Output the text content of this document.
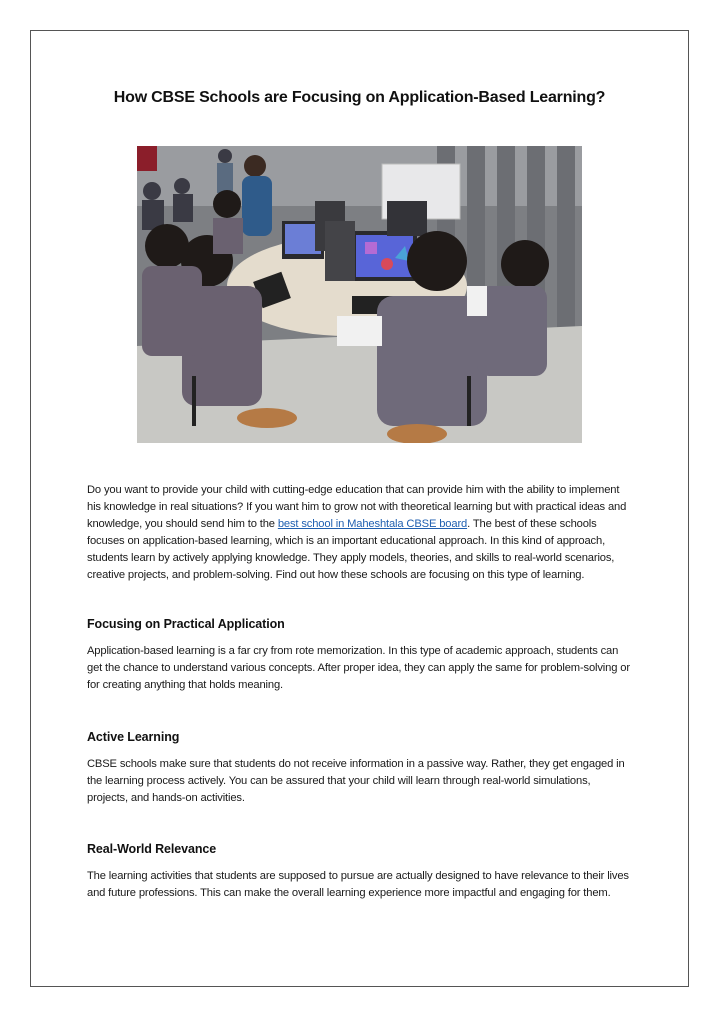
How CBSE Schools are Focusing on Application-Based Learning?

Do you want to provide your child with cutting-edge education that can provide him with the ability to implement his knowledge in real situations? If you want him to grow not with theoretical learning but with practical ideas and knowledge, you should send him to the best school in Maheshtala CBSE board. The best of these schools focuses on application-based learning, which is an important educational approach. In this kind of approach, students learn by actively applying knowledge. They apply models, theories, and skills to real-world scenarios, creative projects, and problem-solving. Find out how these schools are focusing on this type of learning.

Focusing on Practical Application

Application-based learning is a far cry from rote memorization. In this type of academic approach, students can get the chance to understand various concepts. After proper idea, they can apply the same for problem-solving or for creating anything that holds meaning.

Active Learning

CBSE schools make sure that students do not receive information in a passive way. Rather, they get engaged in the learning process actively. You can be assured that your child will learn through real-world simulations, projects, and hands-on activities.

Real-World Relevance

The learning activities that students are supposed to pursue are actually designed to have relevance to their lives and future professions. This can make the overall learning experience more impactful and engaging for them.
